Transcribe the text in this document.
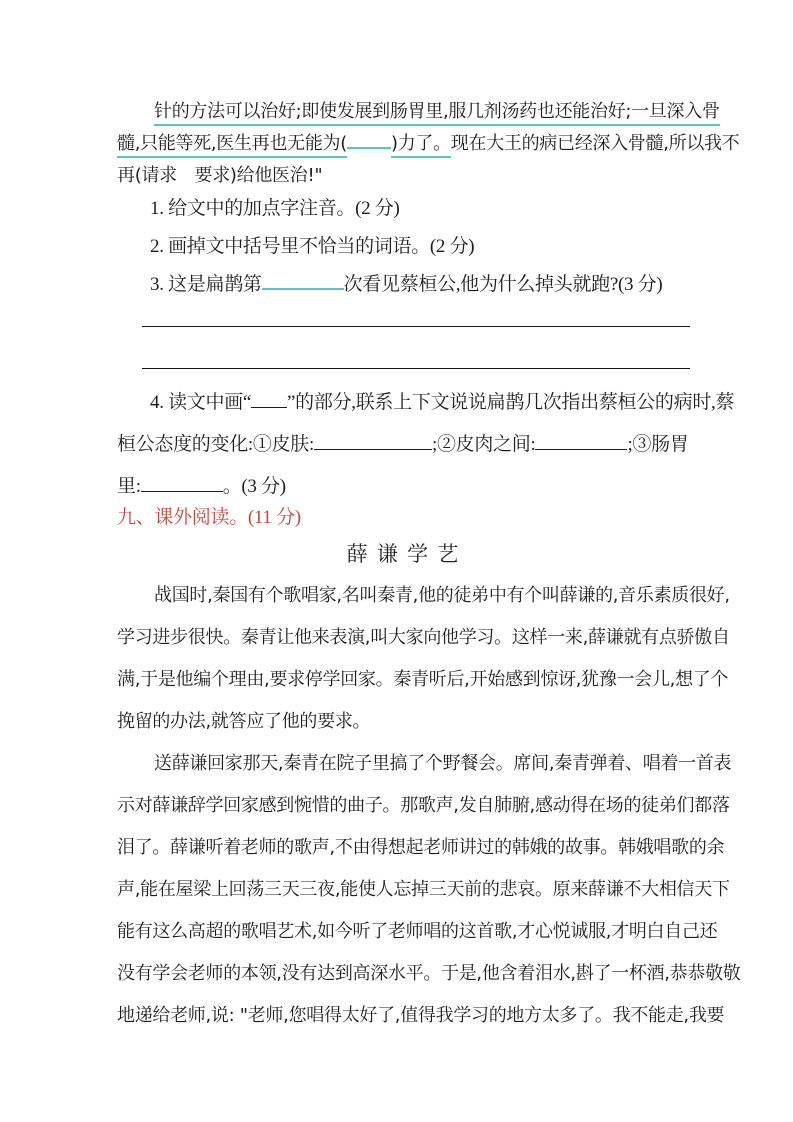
针的方法可以治好;即使发展到肠胃里,服几剂汤药也还能治好;一旦深入骨
髓,只能等死,医生再也无能为( )力了。现在大王的病已经深入骨髓,所以我不
再(请求　要求)给他医治!"
1. 给文中的加点字注音。(2 分)
2. 画掉文中括号里不恰当的词语。(2 分)
3. 这是扁鹊第	次看见蔡桓公,他为什么掉头就跑?(3 分)
4. 读文中画“ ”的部分,联系上下文说说扁鹊几次指出蔡桓公的病时,蔡
桓公态度的变化:①皮肤:	;②皮肉之间:	;③肠胃
里:	。(3 分)
九、课外阅读。(11 分)
薛 谦 学 艺
战国时,秦国有个歌唱家,名叫秦青,他的徒弟中有个叫薛谦的,音乐素质很好,
学习进步很快。秦青让他来表演,叫大家向他学习。这样一来,薛谦就有点骄傲自
满,于是他编个理由,要求停学回家。秦青听后,开始感到惊讶,犹豫一会儿,想了个
挽留的办法,就答应了他的要求。
送薛谦回家那天,秦青在院子里搞了个野餐会。席间,秦青弹着、唱着一首表
示对薛谦辞学回家感到惋惜的曲子。那歌声,发自肺腑,感动得在场的徒弟们都落
泪了。薛谦听着老师的歌声,不由得想起老师讲过的韩娥的故事。韩娥唱歌的余
声,能在屋梁上回荡三天三夜,能使人忘掉三天前的悲哀。原来薛谦不大相信天下
能有这么高超的歌唱艺术,如今听了老师唱的这首歌,才心悦诚服,才明白自己还
没有学会老师的本领,没有达到高深水平。于是,他含着泪水,斟了一杯酒,恭恭敬敬
地递给老师,说: "老师,您唱得太好了,值得我学习的地方太多了。我不能走,我要
